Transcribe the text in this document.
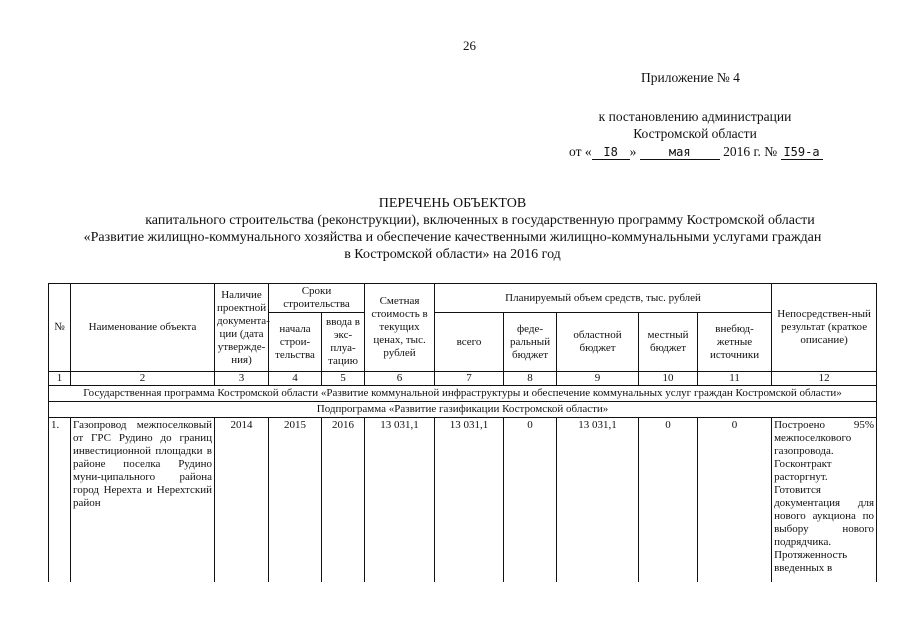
26
Приложение № 4
к постановлению администрации
Костромской области
от « I8 »	мая 2016 г. № I59-а
ПЕРЕЧЕНЬ ОБЪЕКТОВ
капитального строительства (реконструкции), включенных в государственную программу Костромской области
«Развитие жилищно-коммунального хозяйства и обеспечение качественными жилищно-коммунальными услугами граждан
в Костромской области» на 2016 год
№	Наименование объекта	Наличие проектной документа-ции (дата утвержде-ния)	Сроки строительства		Сметная стоимость в текущих ценах, тыс. рублей	Планируемый объем средств, тыс. рублей					Непосредствен-ный результат (краткое описание)
			начала строи-тельства	ввода в экс-плуа-тацию		всего	феде-ральный бюджет	областной бюджет	местный бюджет	внебюд-жетные источники	
1	2	3	4	5	6	7	8	9	10	11	12
Государственная программа Костромской области «Развитие коммунальной инфраструктуры и обеспечение коммунальных услуг граждан Костромской области»											
Подпрограмма «Развитие газификации Костромской области»											
1.	Газопровод межпоселковый от ГРС Рудино до границ инвестиционной площадки в районе поселка Рудино муни-ципального района город Нерехта и Нерехтский район	2014	2015	2016	13 031,1	13 031,1	0	13 031,1	0	0	Построено 95% межпоселкового газопровода. Госконтракт расторгнут. Готовится документация для нового аукциона по выбору нового подрядчика. Протяженность введенных в
